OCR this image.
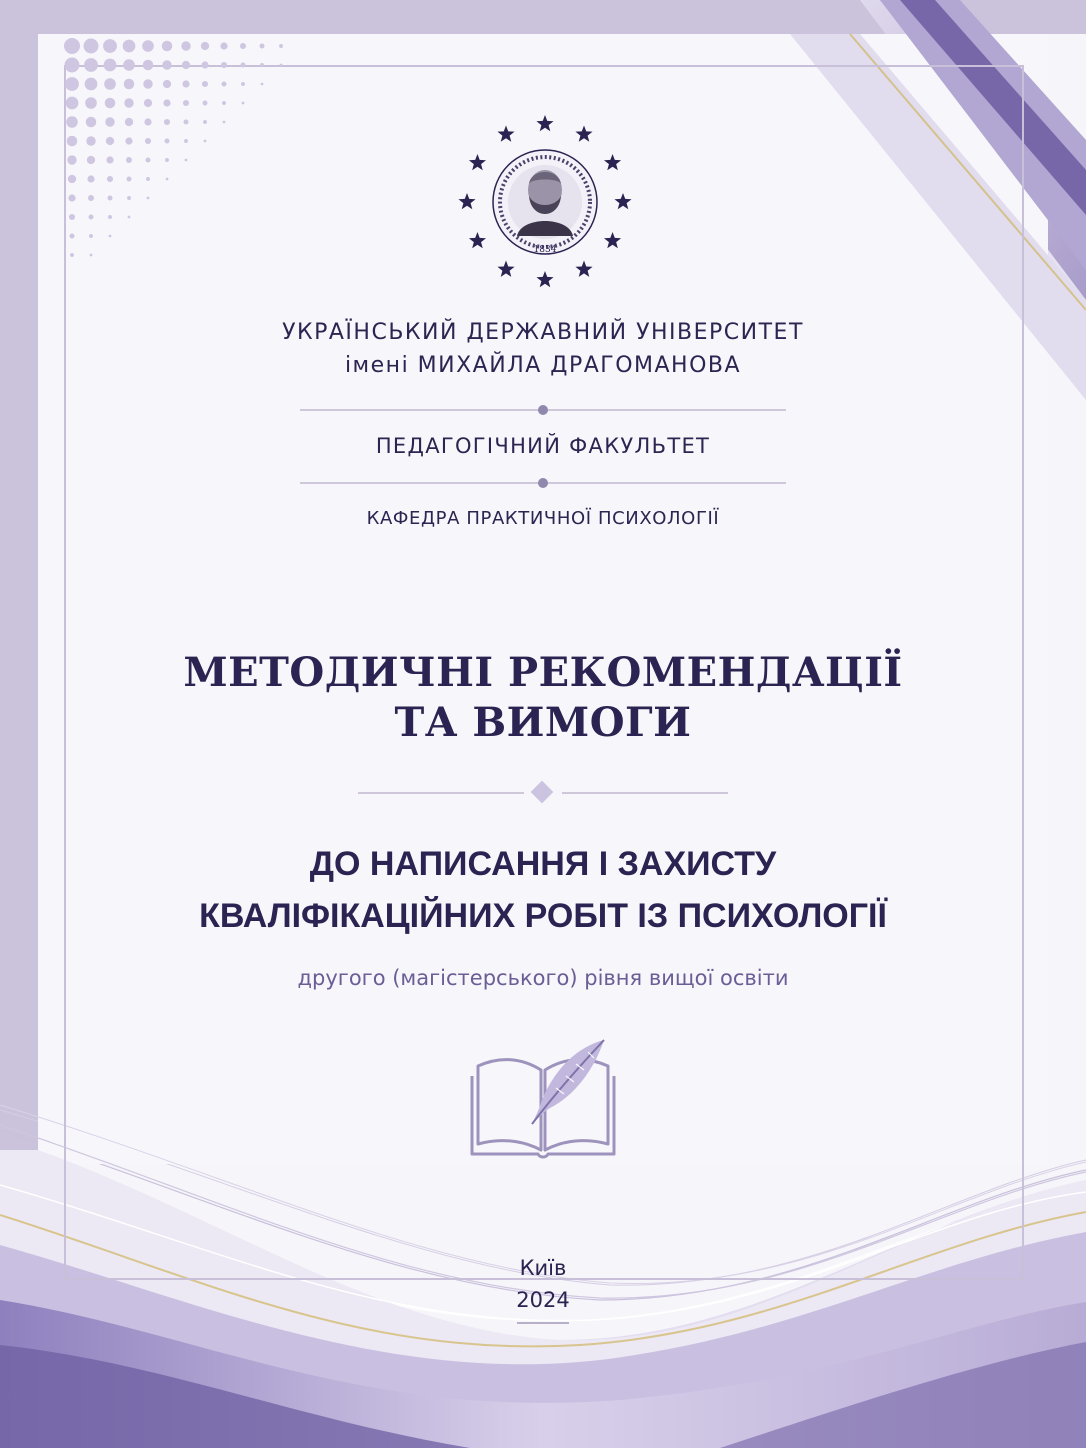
1834
УКРАЇНСЬКИЙ ДЕРЖАВНИЙ УНІВЕРСИТЕТ
імені МИХАЙЛА ДРАГОМАНОВА
ПЕДАГОГІЧНИЙ ФАКУЛЬТЕТ
КАФЕДРА ПРАКТИЧНОЇ ПСИХОЛОГІЇ
МЕТОДИЧНІ РЕКОМЕНДАЦІЇ
ТА ВИМОГИ
ДО НАПИСАННЯ І ЗАХИСТУ
КВАЛІФІКАЦІЙНИХ РОБІТ ІЗ ПСИХОЛОГІЇ
другого (магістерського) рівня вищої освіти
Київ
2024
